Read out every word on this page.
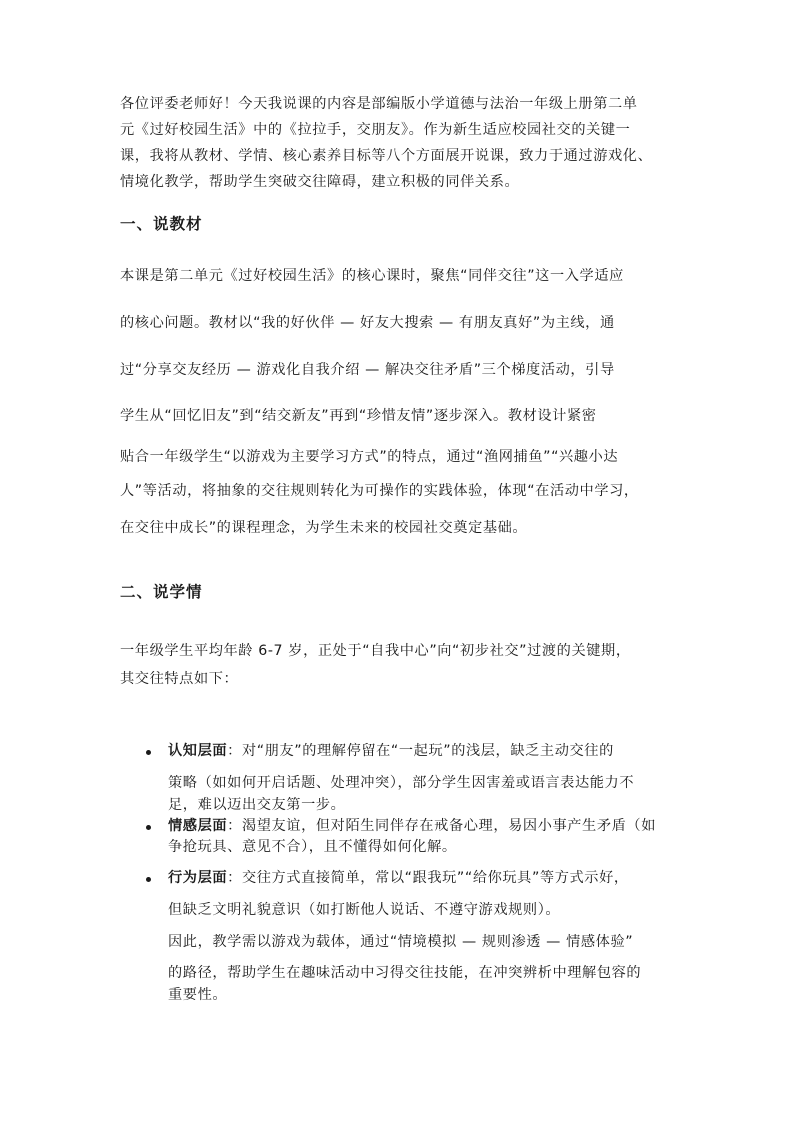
各位评委老师好！今天我说课的内容是部编版小学道德与法治一年级上册第二单
元《过好校园生活》中的《拉拉手，交朋友》。作为新生适应校园社交的关键一
课，我将从教材、学情、核心素养目标等八个方面展开说课，致力于通过游戏化、
情境化教学，帮助学生突破交往障碍，建立积极的同伴关系。
一、说教材
本课是第二单元《过好校园生活》的核心课时，聚焦“同伴交往”这一入学适应
的核心问题。教材以“我的好伙伴 — 好友大搜索 — 有朋友真好”为主线，通
过“分享交友经历 — 游戏化自我介绍 — 解决交往矛盾”三个梯度活动，引导
学生从“回忆旧友”到“结交新友”再到“珍惜友情”逐步深入。教材设计紧密
贴合一年级学生“以游戏为主要学习方式”的特点，通过“渔网捕鱼”“兴趣小达
人”等活动，将抽象的交往规则转化为可操作的实践体验，体现“在活动中学习，
在交往中成长”的课程理念，为学生未来的校园社交奠定基础。
二、说学情
一年级学生平均年龄 6-7 岁，正处于“自我中心”向“初步社交”过渡的关键期，
其交往特点如下：
认知层面：对“朋友”的理解停留在“一起玩”的浅层，缺乏主动交往的
策略（如如何开启话题、处理冲突），部分学生因害羞或语言表达能力不
足，难以迈出交友第一步。
情感层面：渴望友谊，但对陌生同伴存在戒备心理，易因小事产生矛盾（如
争抢玩具、意见不合），且不懂得如何化解。
行为层面：交往方式直接简单，常以“跟我玩”“给你玩具”等方式示好，
但缺乏文明礼貌意识（如打断他人说话、不遵守游戏规则）。
因此，教学需以游戏为载体，通过“情境模拟 — 规则渗透 — 情感体验”
的路径，帮助学生在趣味活动中习得交往技能，在冲突辨析中理解包容的
重要性。
